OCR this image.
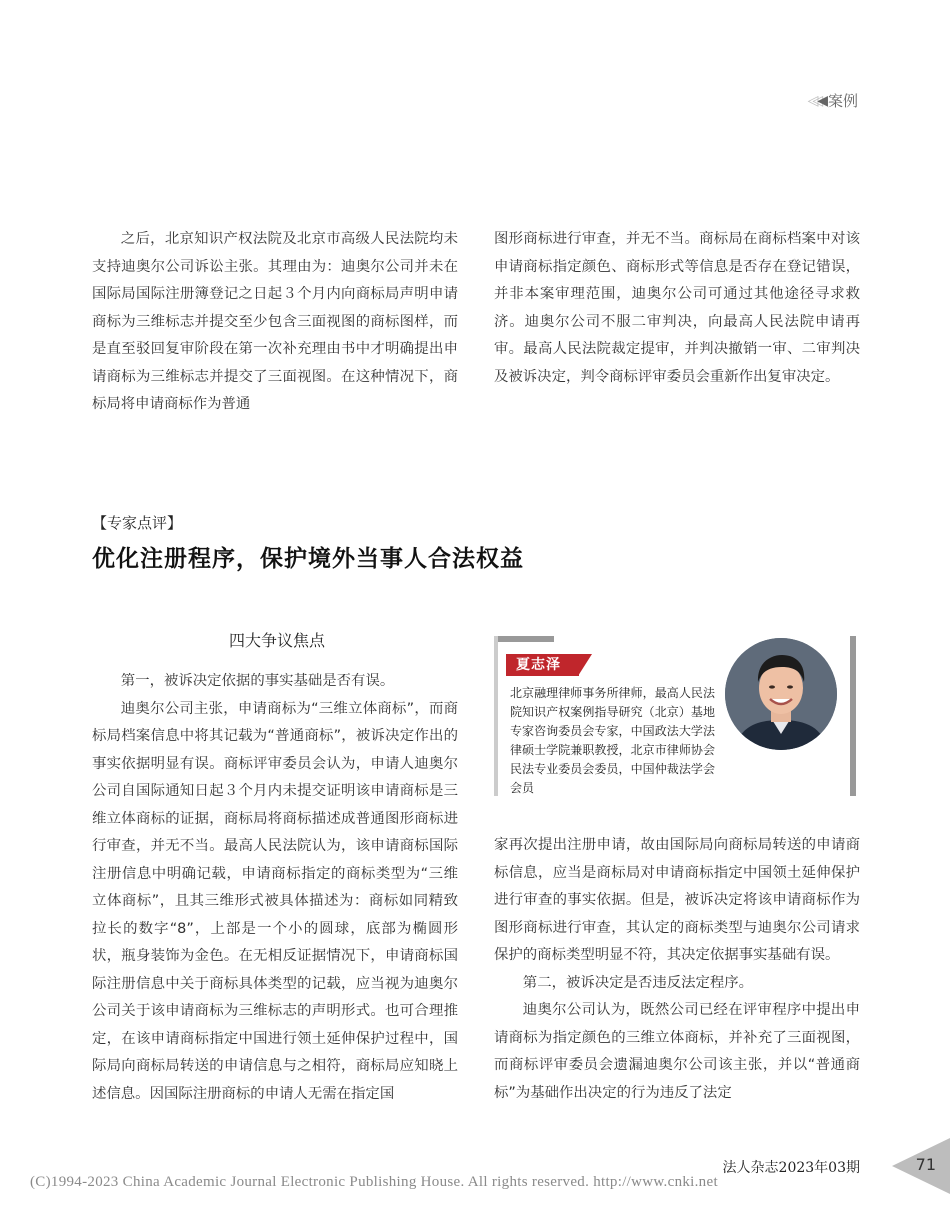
◁◁◀ 案例

之后，北京知识产权法院及北京市高级人民法院均未支持迪奥尔公司诉讼主张。其理由为：迪奥尔公司并未在国际局国际注册簿登记之日起３个月内向商标局声明申请商标为三维标志并提交至少包含三面视图的商标图样，而是直至驳回复审阶段在第一次补充理由书中才明确提出申请商标为三维标志并提交了三面视图。在这种情况下，商标局将申请商标作为普通

图形商标进行审查，并无不当。商标局在商标档案中对该申请商标指定颜色、商标形式等信息是否存在登记错误，并非本案审理范围，迪奥尔公司可通过其他途径寻求救济。迪奥尔公司不服二审判决，向最高人民法院申请再审。最高人民法院裁定提审，并判决撤销一审、二审判决及被诉决定，判令商标评审委员会重新作出复审决定。

【专家点评】
优化注册程序，保护境外当事人合法权益
四大争议焦点

第一，被诉决定依据的事实基础是否有误。

迪奥尔公司主张，申请商标为“三维立体商标”，而商标局档案信息中将其记载为“普通商标”，被诉决定作出的事实依据明显有误。商标评审委员会认为，申请人迪奥尔公司自国际通知日起３个月内未提交证明该申请商标是三维立体商标的证据，商标局将商标描述成普通图形商标进行审查，并无不当。最高人民法院认为，该申请商标国际注册信息中明确记载，申请商标指定的商标类型为“三维立体商标”，且其三维形式被具体描述为：商标如同精致拉长的数字“8”，上部是一个小的圆球，底部为椭圆形状，瓶身装饰为金色。在无相反证据情况下，申请商标国际注册信息中关于商标具体类型的记载，应当视为迪奥尔公司关于该申请商标为三维标志的声明形式。也可合理推定，在该申请商标指定中国进行领土延伸保护过程中，国际局向商标局转送的申请信息与之相符，商标局应知晓上述信息。因国际注册商标的申请人无需在指定国

夏志泽
北京融理律师事务所律师，最高人民法院知识产权案例指导研究（北京）基地专家咨询委员会专家，中国政法大学法律硕士学院兼职教授，北京市律师协会民法专业委员会委员，中国仲裁法学会会员

家再次提出注册申请，故由国际局向商标局转送的申请商标信息，应当是商标局对申请商标指定中国领土延伸保护进行审查的事实依据。但是，被诉决定将该申请商标作为图形商标进行审查，其认定的商标类型与迪奥尔公司请求保护的商标类型明显不符，其决定依据事实基础有误。

第二，被诉决定是否违反法定程序。

迪奥尔公司认为，既然公司已经在评审程序中提出申请商标为指定颜色的三维立体商标，并补充了三面视图，而商标评审委员会遗漏迪奥尔公司该主张，并以“普通商标”为基础作出决定的行为违反了法定

法人杂志2023年03期	71
(C)1994-2023 China Academic Journal Electronic Publishing House. All rights reserved. http://www.cnki.net
